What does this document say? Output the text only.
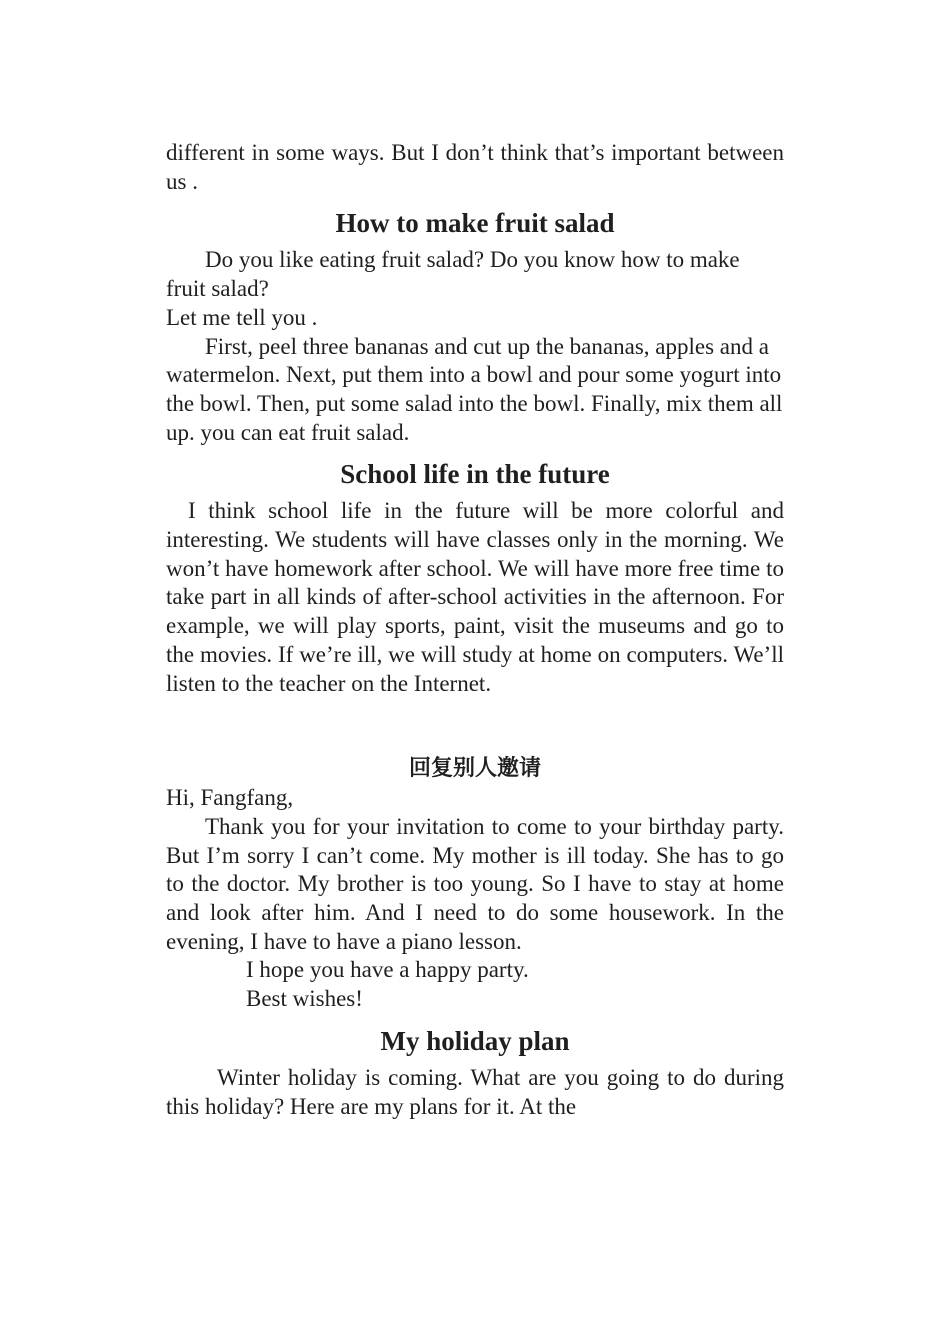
different in some ways. But I don’t think that’s important between us .

How to make fruit salad

Do you like eating fruit salad? Do you know how to make fruit salad?

Let me tell you .

First, peel three bananas and cut up the bananas, apples and a watermelon. Next, put them into a bowl and pour some yogurt into the bowl. Then, put some salad into the bowl. Finally, mix them all up. you can eat fruit salad.

School life in the future

I think school life in the future will be more colorful and interesting. We students will have classes only in the morning. We won’t have homework after school. We will have more free time to take part in all kinds of after-school activities in the afternoon. For example, we will play sports, paint, visit the museums and go to the movies. If we’re ill, we will study at home on computers. We’ll listen to the teacher on the Internet.

回复别人邀请

Hi, Fangfang,

Thank you for your invitation to come to your birthday party. But I’m sorry I can’t come. My mother is ill today. She has to go to the doctor. My brother is too young. So I have to stay at home and look after him. And I need to do some housework. In the evening, I have to have a piano lesson.

I hope you have a happy party.

Best wishes!

My holiday plan

Winter holiday is coming. What are you going to do during this holiday? Here are my plans for it. At the
